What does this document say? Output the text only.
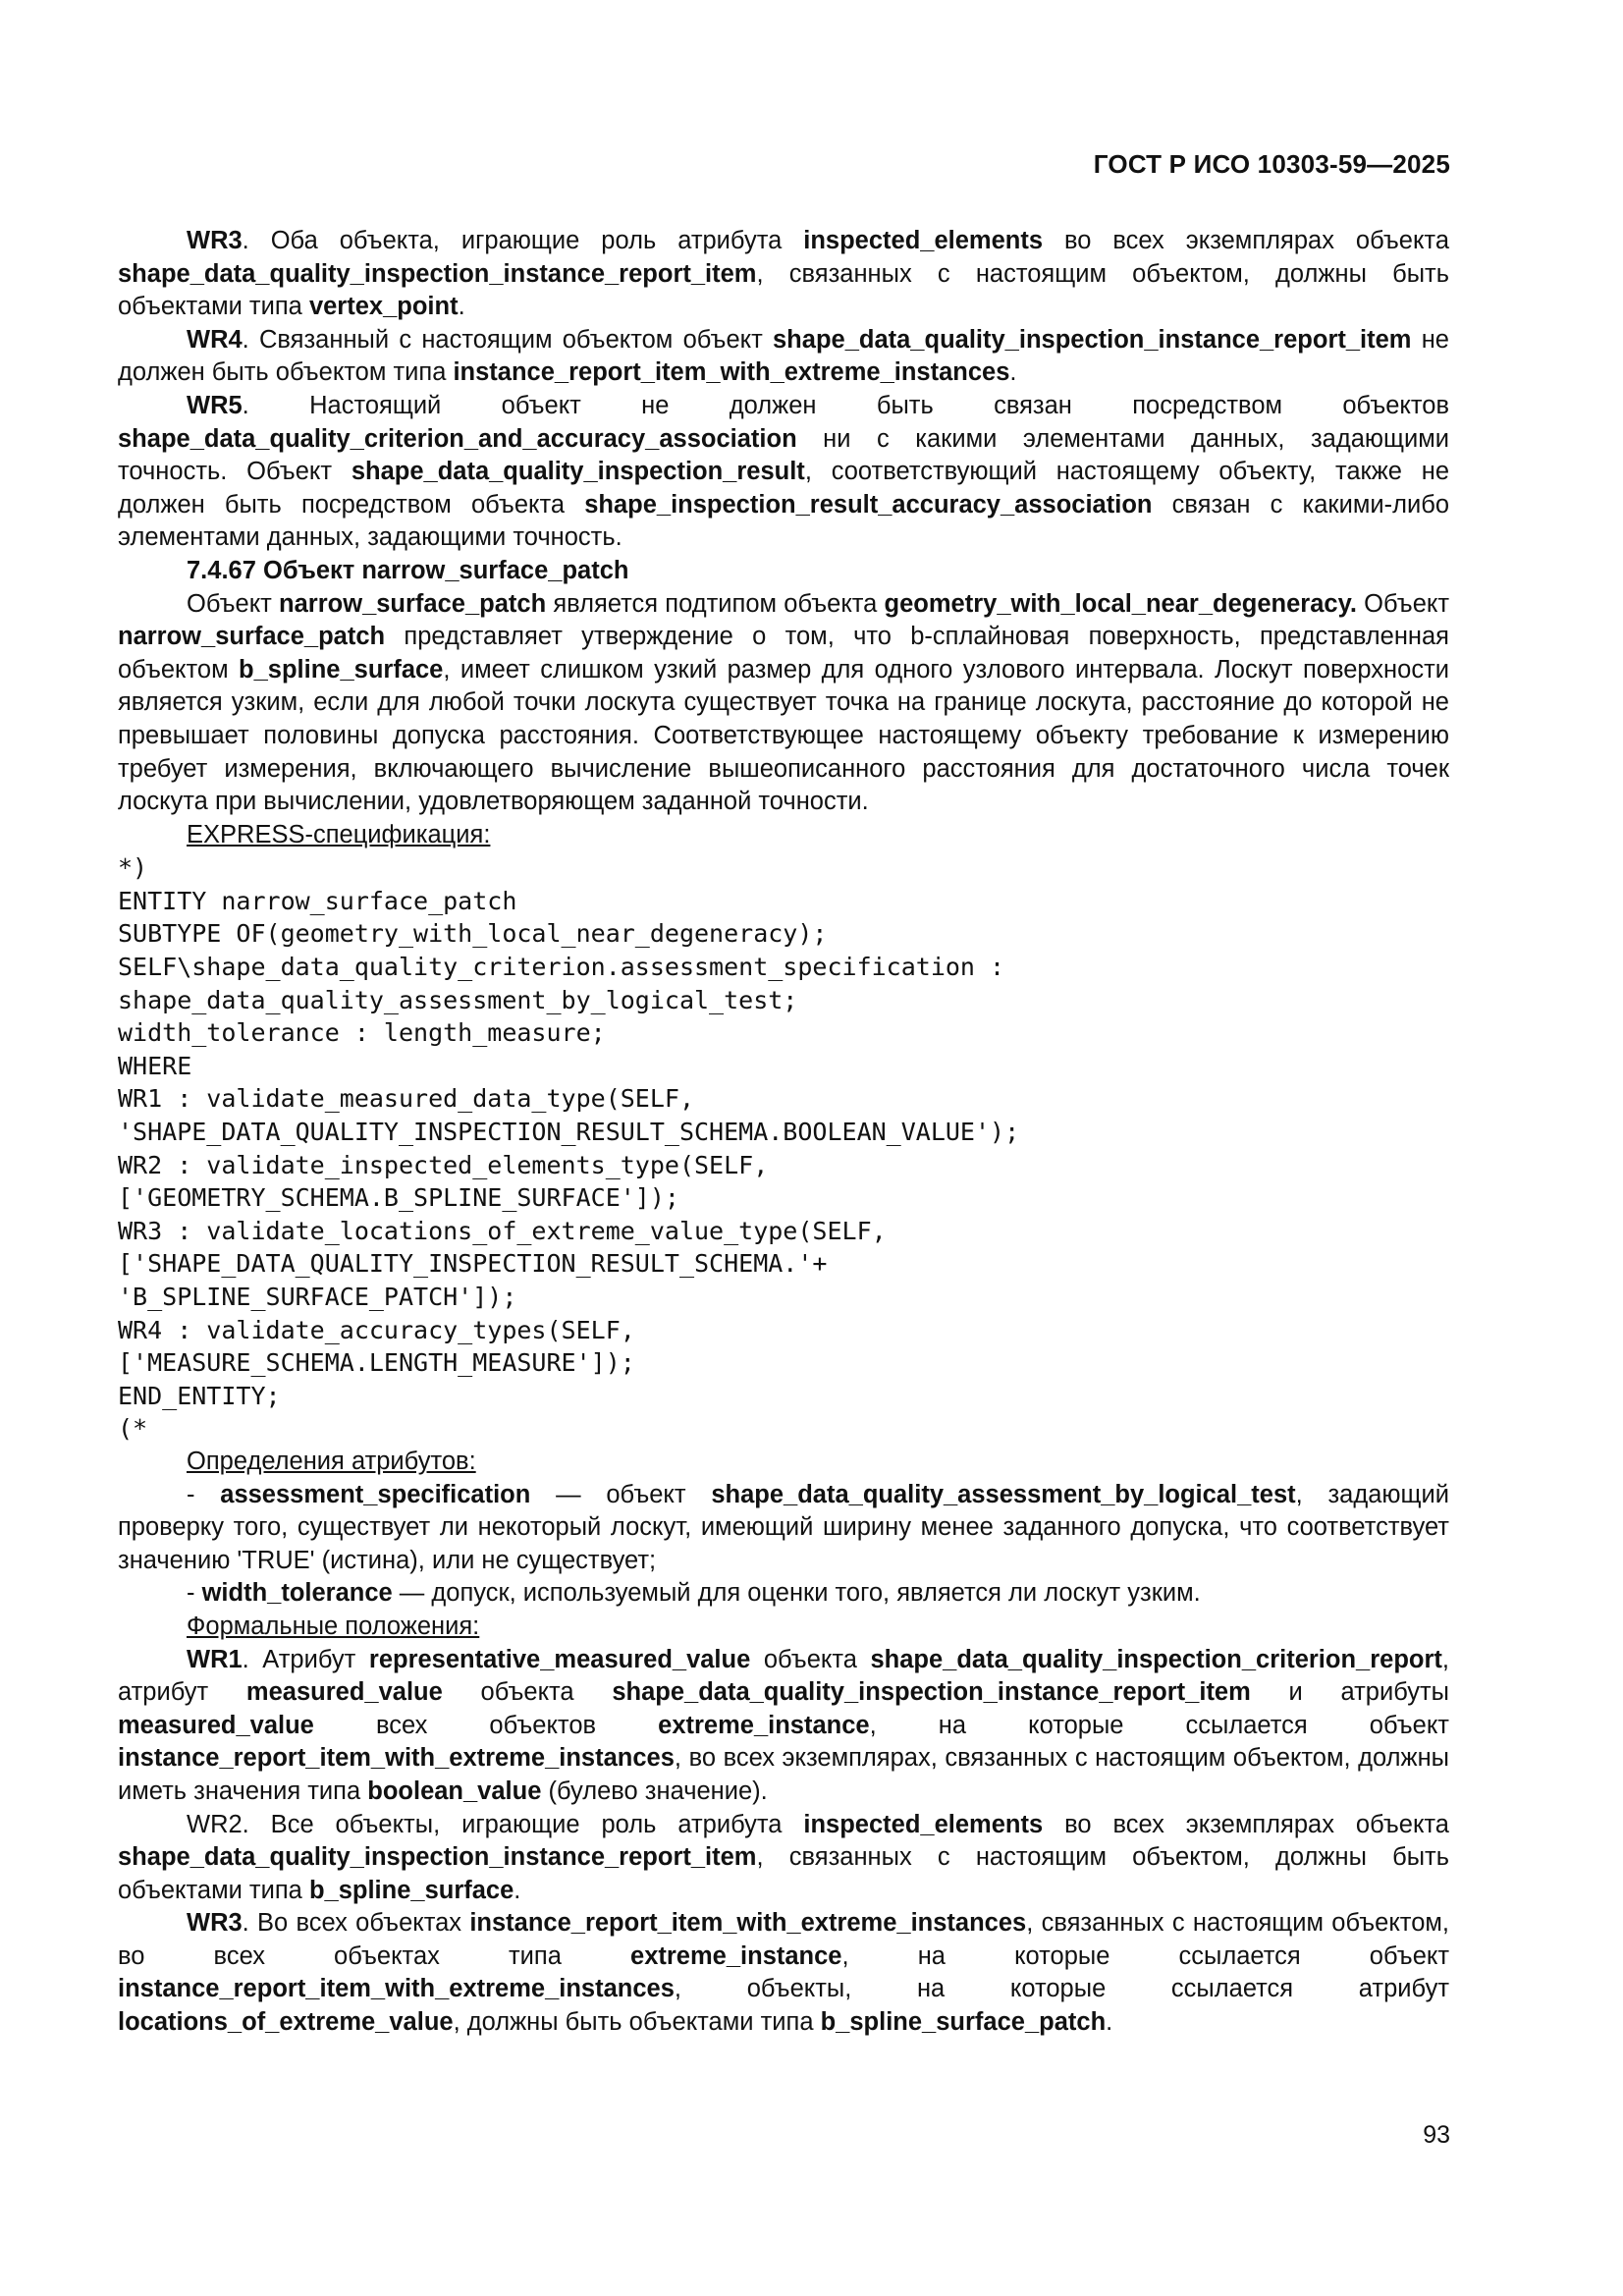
ГОСТ Р ИСО 10303-59—2025

WR3. Оба объекта, играющие роль атрибута inspected_elements во всех экземплярах объекта shape_data_quality_inspection_instance_report_item, связанных с настоящим объектом, должны быть объектами типа vertex_point.

WR4. Связанный с настоящим объектом объект shape_data_quality_inspection_instance_report_item не должен быть объектом типа instance_report_item_with_extreme_instances.

WR5. Настоящий объект не должен быть связан посредством объектов shape_data_quality_criterion_and_accuracy_association ни с какими элементами данных, задающими точность. Объект shape_data_quality_inspection_result, соответствующий настоящему объекту, также не должен быть посредством объекта shape_inspection_result_accuracy_association связан с какими-либо элементами данных, задающими точность.

7.4.67 Объект narrow_surface_patch

Объект narrow_surface_patch является подтипом объекта geometry_with_local_near_degeneracy. Объект narrow_surface_patch представляет утверждение о том, что b-сплайновая поверхность, представленная объектом b_spline_surface, имеет слишком узкий размер для одного узлового интервала. Лоскут поверхности является узким, если для любой точки лоскута существует точка на границе лоскута, расстояние до которой не превышает половины допуска расстояния. Соответствующее настоящему объекту требование к измерению требует измерения, включающего вычисление вышеописанного расстояния для достаточного числа точек лоскута при вычислении, удовлетворяющем заданной точности.

EXPRESS-спецификация:

*)
ENTITY narrow_surface_patch
SUBTYPE OF(geometry_with_local_near_degeneracy);
SELF\shape_data_quality_criterion.assessment_specification :
shape_data_quality_assessment_by_logical_test;
width_tolerance : length_measure;
WHERE
WR1 : validate_measured_data_type(SELF,
'SHAPE_DATA_QUALITY_INSPECTION_RESULT_SCHEMA.BOOLEAN_VALUE');
WR2 : validate_inspected_elements_type(SELF,
['GEOMETRY_SCHEMA.B_SPLINE_SURFACE']);
WR3 : validate_locations_of_extreme_value_type(SELF,
['SHAPE_DATA_QUALITY_INSPECTION_RESULT_SCHEMA.'+
'B_SPLINE_SURFACE_PATCH']);
WR4 : validate_accuracy_types(SELF,
['MEASURE_SCHEMA.LENGTH_MEASURE']);
END_ENTITY;
(*

Определения атрибутов:

- assessment_specification — объект shape_data_quality_assessment_by_logical_test, задающий проверку того, существует ли некоторый лоскут, имеющий ширину менее заданного допуска, что соответствует значению 'TRUE' (истина), или не существует;

- width_tolerance — допуск, используемый для оценки того, является ли лоскут узким.

Формальные положения:

WR1. Атрибут representative_measured_value объекта shape_data_quality_inspection_criterion_report, атрибут measured_value объекта shape_data_quality_inspection_instance_report_item и атрибуты measured_value всех объектов extreme_instance, на которые ссылается объект instance_report_item_with_extreme_instances, во всех экземплярах, связанных с настоящим объектом, должны иметь значения типа boolean_value (булево значение).

WR2. Все объекты, играющие роль атрибута inspected_elements во всех экземплярах объекта shape_data_quality_inspection_instance_report_item, связанных с настоящим объектом, должны быть объектами типа b_spline_surface.

WR3. Во всех объектах instance_report_item_with_extreme_instances, связанных с настоящим объектом, во всех объектах типа extreme_instance, на которые ссылается объект instance_report_item_with_extreme_instances, объекты, на которые ссылается атрибут locations_of_extreme_value, должны быть объектами типа b_spline_surface_patch.

93
